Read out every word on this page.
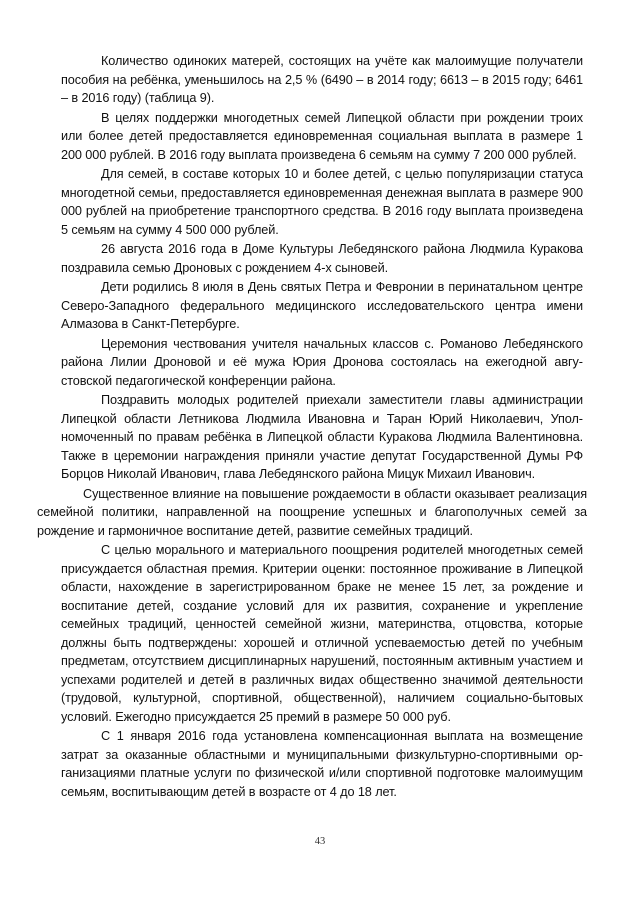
Количество одиноких матерей, состоящих на учёте как малоимущие получатели пособия на ребёнка, уменьшилось на 2,5 % (6490 – в 2014 году; 6613 – в 2015 году; 6461 – в 2016 году) (таблица 9).

В целях поддержки многодетных семей Липецкой области при рождении троих или более детей предоставляется единовременная социальная выплата в размере 1 200 000 рублей. В 2016 году выплата произведена 6 семьям на сумму 7 200 000 рублей.

Для семей, в составе которых 10 и более детей, с целью популяризации статуса многодетной семьи, предоставляется единовременная денежная выплата в размере 900 000 рублей на приобретение транспортного средства. В 2016 году выплата произведена 5 семьям на сумму 4 500 000 рублей.

26 августа 2016 года в Доме Культуры Лебедянского района Людмила Куракова поздравила семью Дроновых с рождением 4-х сыновей.

Дети родились 8 июля в День святых Петра и Февронии в перинатальном центре Северо-Западного федерального медицинского исследовательского центра имени Алмазова в Санкт-Петербурге.

Церемония чествования учителя начальных классов с. Романово Лебедянского района Лилии Дроновой и её мужа Юрия Дронова состоялась на ежегодной августовской педагогической конференции района.

Поздравить молодых родителей приехали заместители главы администрации Липецкой области Летникова Людмила Ивановна и Таран Юрий Николаевич, Уполномоченный по правам ребёнка в Липецкой области Куракова Людмила Валентиновна. Также в церемонии награждения приняли участие депутат Государственной Думы РФ Борцов Николай Иванович, глава Лебедянского района Мицук Михаил Иванович.

Существенное влияние на повышение рождаемости в области оказывает реализация семейной политики, направленной на поощрение успешных и благополучных семей за рождение и гармоничное воспитание детей, развитие семейных традиций.

С целью морального и материального поощрения родителей многодетных семей присуждается областная премия. Критерии оценки: постоянное проживание в Липецкой области, нахождение в зарегистрированном браке не менее 15 лет, за рождение и воспитание детей, создание условий для их развития, сохранение и укрепление семейных традиций, ценностей семейной жизни, материнства, отцовства, которые должны быть подтверждены: хорошей и отличной успеваемостью детей по учебным предметам, отсутствием дисциплинарных нарушений, постоянным активным участием и успехами родителей и детей в различных видах общественно значимой деятельности (трудовой, культурной, спортивной, общественной), наличием социально-бытовых условий. Ежегодно присуждается 25 премий в размере 50 000 руб.

С 1 января 2016 года установлена компенсационная выплата на возмещение затрат за оказанные областными и муниципальными физкультурно-спортивными организациями платные услуги по физической и/или спортивной подготовке малоимущим семьям, воспитывающим детей в возрасте от 4 до 18 лет.

43
